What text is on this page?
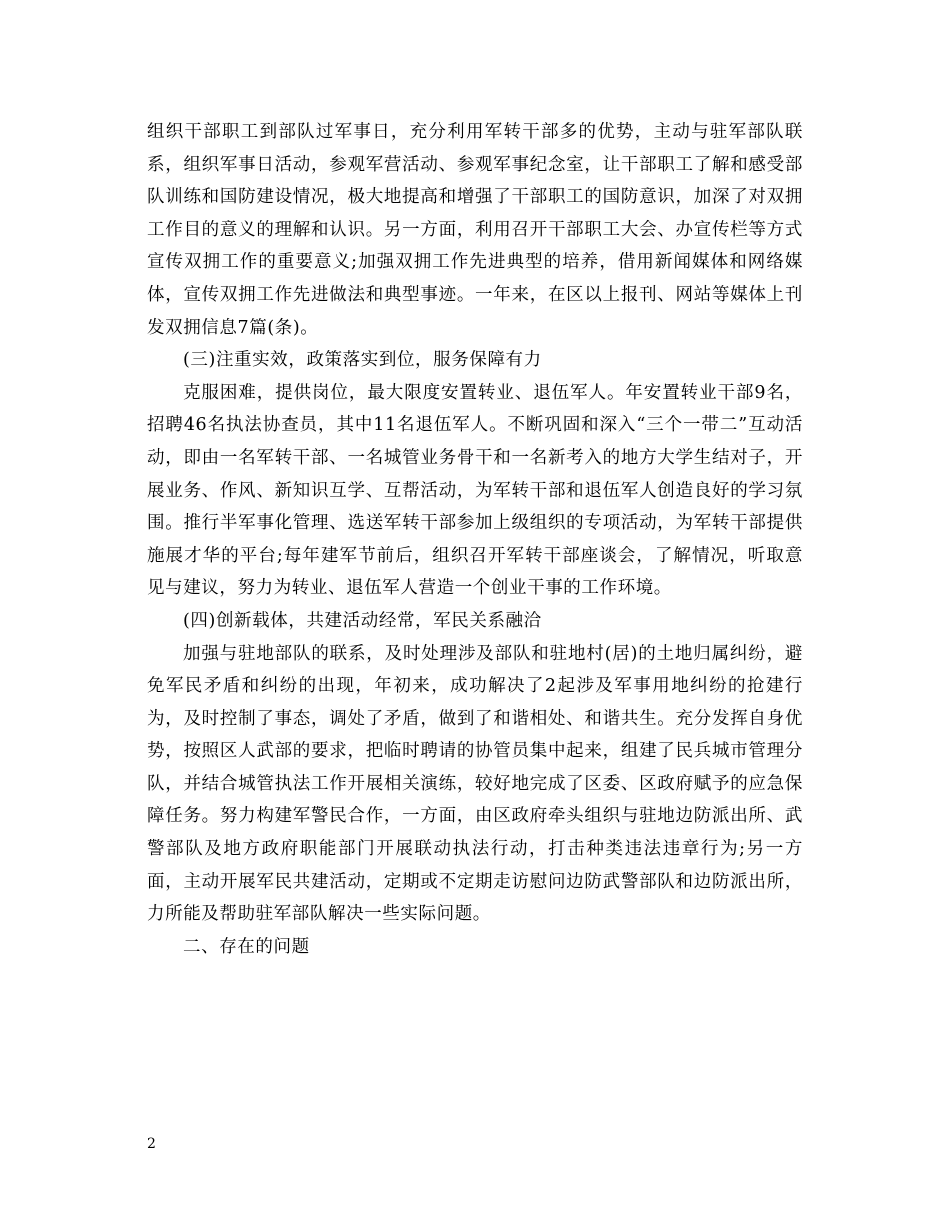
组织干部职工到部队过军事日，充分利用军转干部多的优势，主动与驻军部队联系，组织军事日活动，参观军营活动、参观军事纪念室，让干部职工了解和感受部队训练和国防建设情况，极大地提高和增强了干部职工的国防意识，加深了对双拥工作目的意义的理解和认识。另一方面，利用召开干部职工大会、办宣传栏等方式宣传双拥工作的重要意义;加强双拥工作先进典型的培养，借用新闻媒体和网络媒体，宣传双拥工作先进做法和典型事迹。一年来，在区以上报刊、网站等媒体上刊发双拥信息7篇(条)。

(三)注重实效，政策落实到位，服务保障有力

克服困难，提供岗位，最大限度安置转业、退伍军人。年安置转业干部9名，招聘46名执法协查员，其中11名退伍军人。不断巩固和深入“三个一带二”互动活动，即由一名军转干部、一名城管业务骨干和一名新考入的地方大学生结对子，开展业务、作风、新知识互学、互帮活动，为军转干部和退伍军人创造良好的学习氛围。推行半军事化管理、选送军转干部参加上级组织的专项活动，为军转干部提供施展才华的平台;每年建军节前后，组织召开军转干部座谈会，了解情况，听取意见与建议，努力为转业、退伍军人营造一个创业干事的工作环境。

(四)创新载体，共建活动经常，军民关系融洽

加强与驻地部队的联系，及时处理涉及部队和驻地村(居)的土地归属纠纷，避免军民矛盾和纠纷的出现，年初来，成功解决了2起涉及军事用地纠纷的抢建行为，及时控制了事态，调处了矛盾，做到了和谐相处、和谐共生。充分发挥自身优势，按照区人武部的要求，把临时聘请的协管员集中起来，组建了民兵城市管理分队，并结合城管执法工作开展相关演练，较好地完成了区委、区政府赋予的应急保障任务。努力构建军警民合作，一方面，由区政府牵头组织与驻地边防派出所、武警部队及地方政府职能部门开展联动执法行动，打击种类违法违章行为;另一方面，主动开展军民共建活动，定期或不定期走访慰问边防武警部队和边防派出所，力所能及帮助驻军部队解决一些实际问题。

二、存在的问题

2
